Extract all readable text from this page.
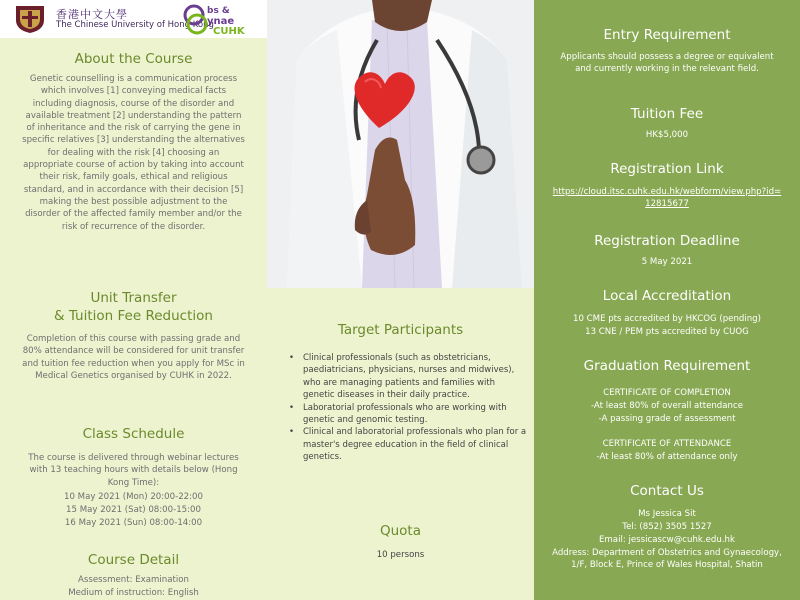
香港中文大學
The Chinese University of Hong Kong
bs &
ynae
CUHK
About the Course
Genetic counselling is a communication process which involves [1] conveying medical facts including diagnosis, course of the disorder and available treatment [2] understanding the pattern of inheritance and the risk of carrying the gene in specific relatives [3] understanding the alternatives for dealing with the risk [4] choosing an appropriate course of action by taking into account their risk, family goals, ethical and religious standard, and in accordance with their decision [5] making the best possible adjustment to the disorder of the affected family member and/or the risk of recurrence of the disorder.
Unit Transfer
& Tuition Fee Reduction
Completion of this course with passing grade and 80% attendance will be considered for unit transfer and tuition fee reduction when you apply for MSc in Medical Genetics organised by CUHK in 2022.
Class Schedule
The course is delivered through webinar lectures with 13 teaching hours with details below (Hong Kong Time):
10 May 2021 (Mon) 20:00-22:00
15 May 2021 (Sat) 08:00-15:00
16 May 2021 (Sun) 08:00-14:00
Course Detail
Assessment: Examination
Medium of instruction: English
Target Participants
• Clinical professionals (such as obstetricians, paediatricians, physicians, nurses and midwives), who are managing patients and families with genetic diseases in their daily practice.
• Laboratorial professionals who are working with genetic and genomic testing.
• Clinical and laboratorial professionals who plan for a master's degree education in the field of clinical genetics.
Quota
10 persons
Entry Requirement
Applicants should possess a degree or equivalent and currently working in the relevant field.
Tuition Fee
HK$5,000
Registration Link
https://cloud.itsc.cuhk.edu.hk/webform/view.php?id=12815677
Registration Deadline
5 May 2021
Local Accreditation
10 CME pts accredited by HKCOG (pending)
13 CNE / PEM pts accredited by CUOG
Graduation Requirement
CERTIFICATE OF COMPLETION
-At least 80% of overall attendance
-A passing grade of assessment
CERTIFICATE OF ATTENDANCE
-At least 80% of attendance only
Contact Us
Ms Jessica Sit
Tel: (852) 3505 1527
Email: jessicascw@cuhk.edu.hk
Address: Department of Obstetrics and Gynaecology, 1/F, Block E, Prince of Wales Hospital, Shatin
